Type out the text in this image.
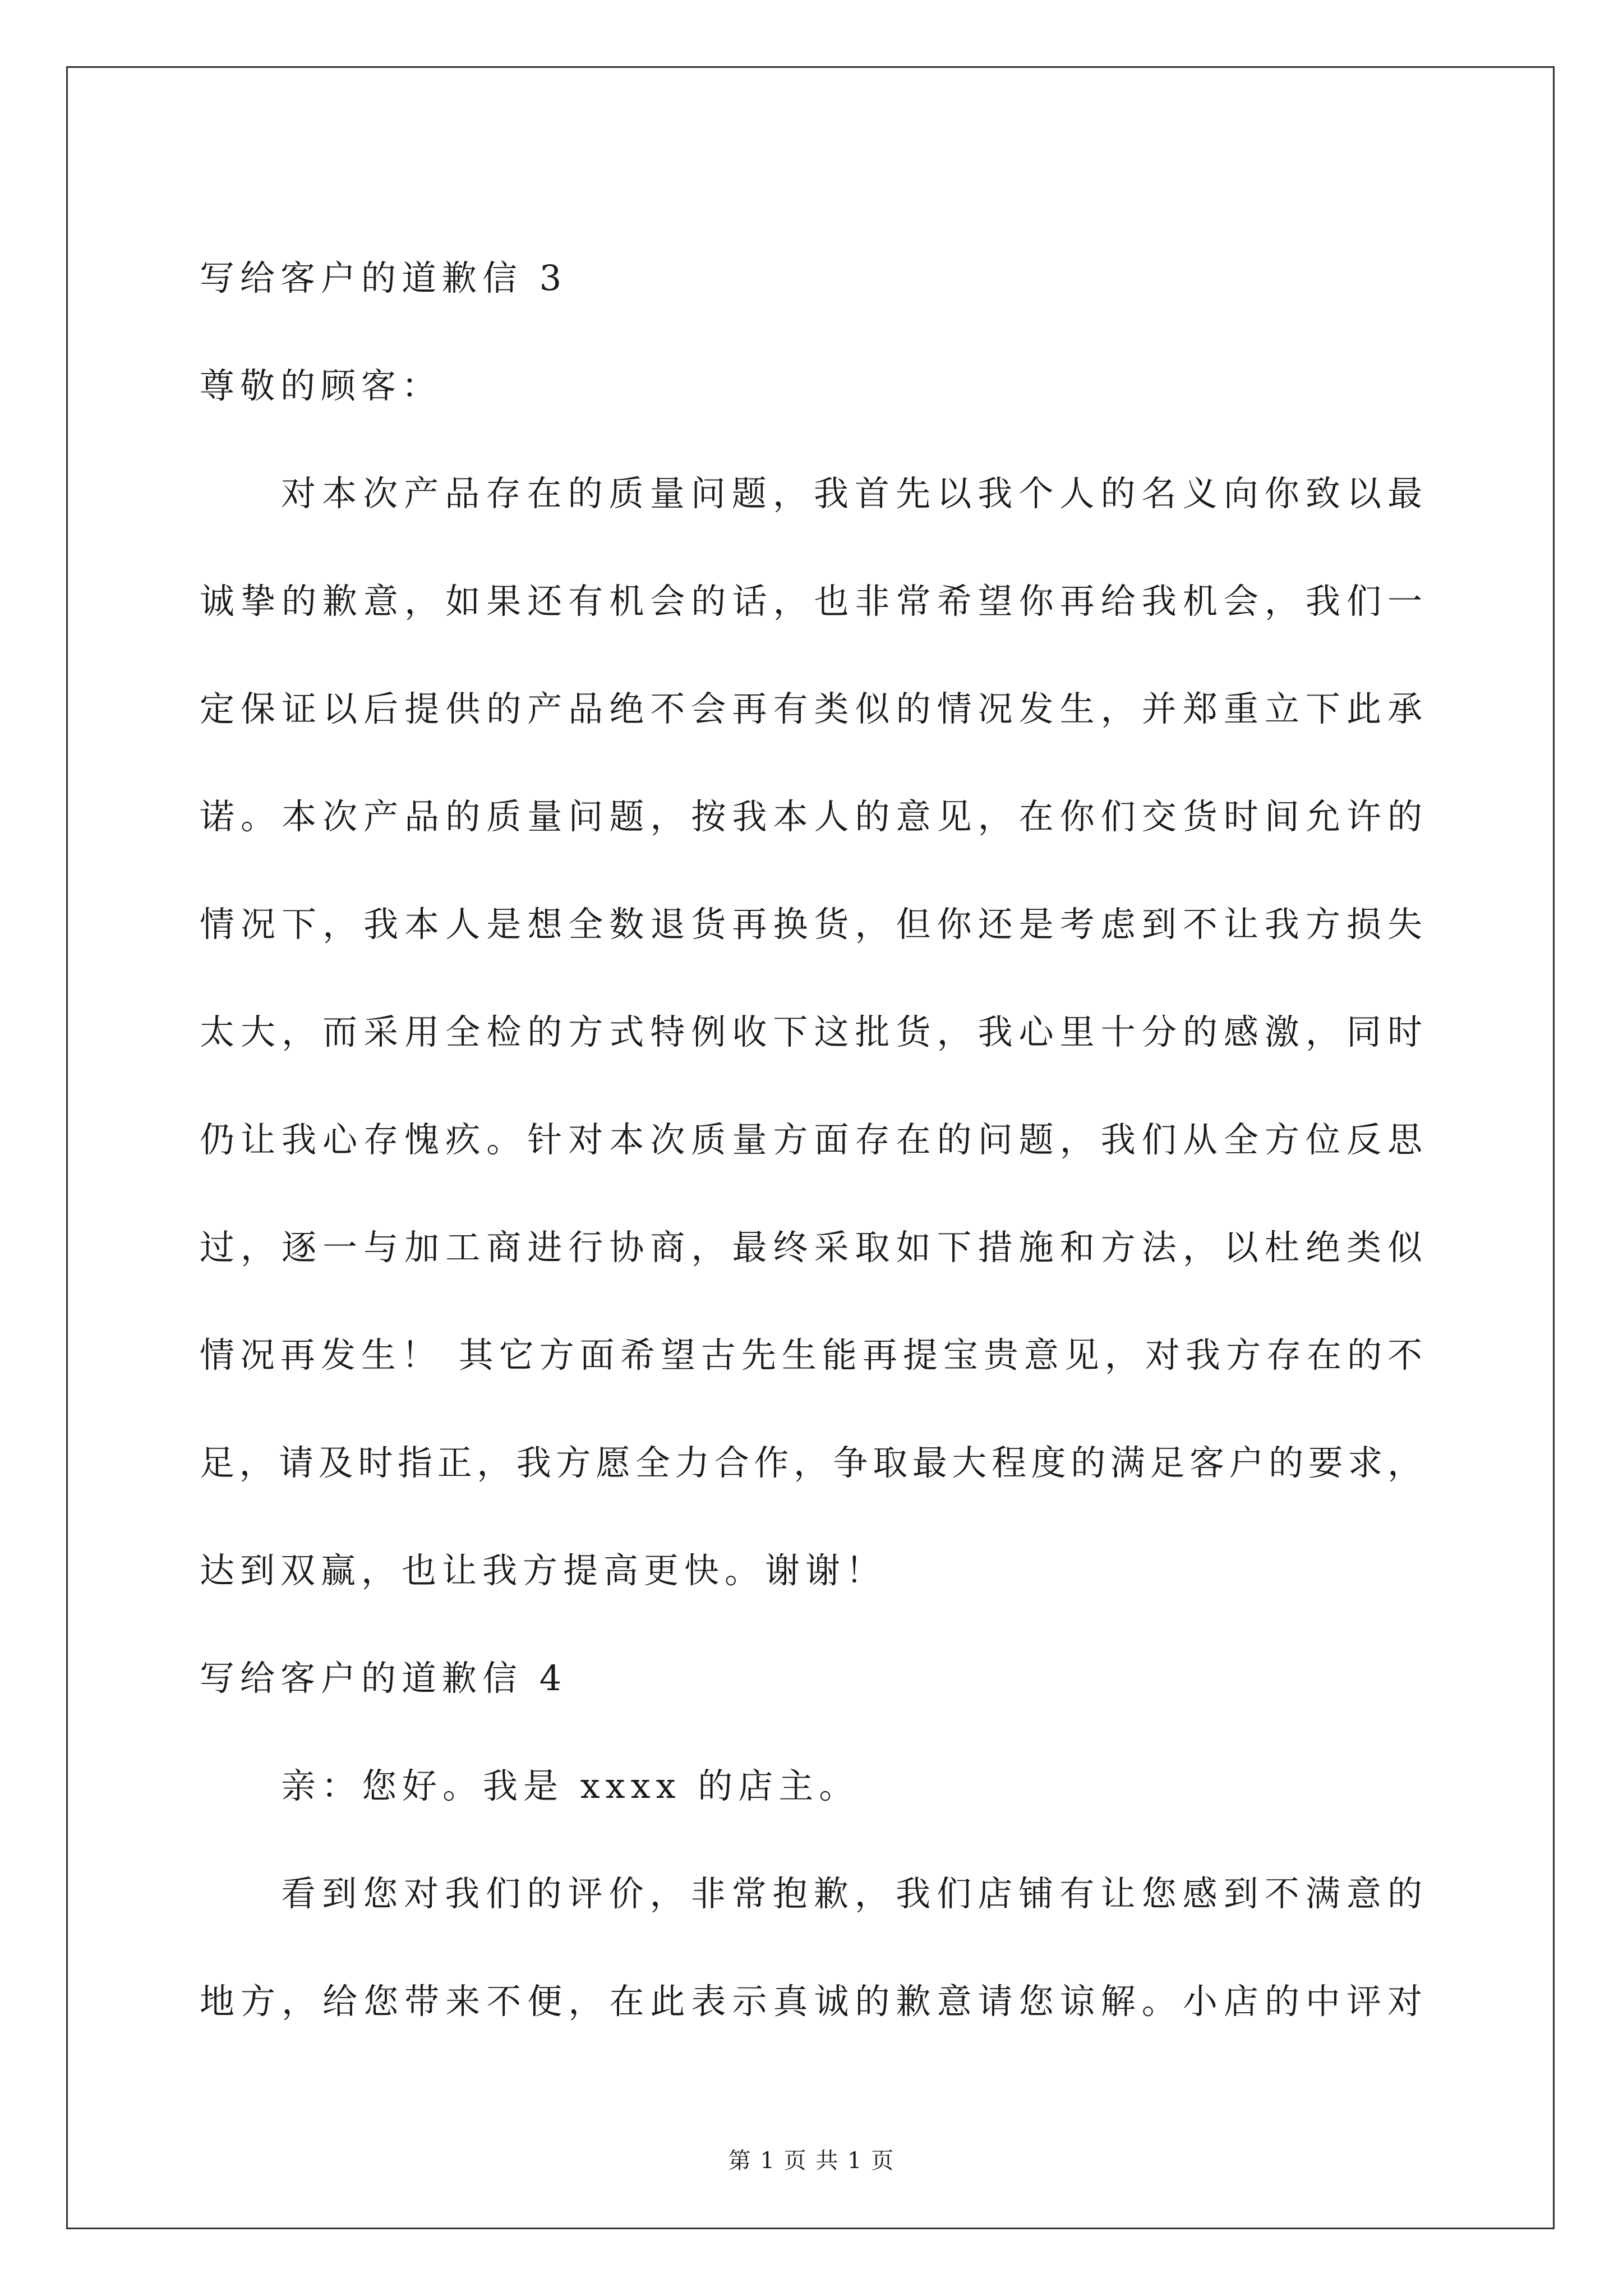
写给客户的道歉信 3
尊敬的顾客：
对本次产品存在的质量问题，我首先以我个人的名义向你致以最
诚挚的歉意，如果还有机会的话，也非常希望你再给我机会，我们一
定保证以后提供的产品绝不会再有类似的情况发生，并郑重立下此承
诺。本次产品的质量问题，按我本人的意见，在你们交货时间允许的
情况下，我本人是想全数退货再换货，但你还是考虑到不让我方损失
太大，而采用全检的方式特例收下这批货，我心里十分的感激，同时
仍让我心存愧疚。针对本次质量方面存在的问题，我们从全方位反思
过，逐一与加工商进行协商，最终采取如下措施和方法，以杜绝类似
情况再发生！ 其它方面希望古先生能再提宝贵意见，对我方存在的不
足，请及时指正，我方愿全力合作，争取最大程度的满足客户的要求，
达到双赢，也让我方提高更快。谢谢！
写给客户的道歉信 4
亲：您好。我是 xxxx 的店主。
看到您对我们的评价，非常抱歉，我们店铺有让您感到不满意的
地方，给您带来不便，在此表示真诚的歉意请您谅解。小店的中评对
第 1 页 共 1 页
